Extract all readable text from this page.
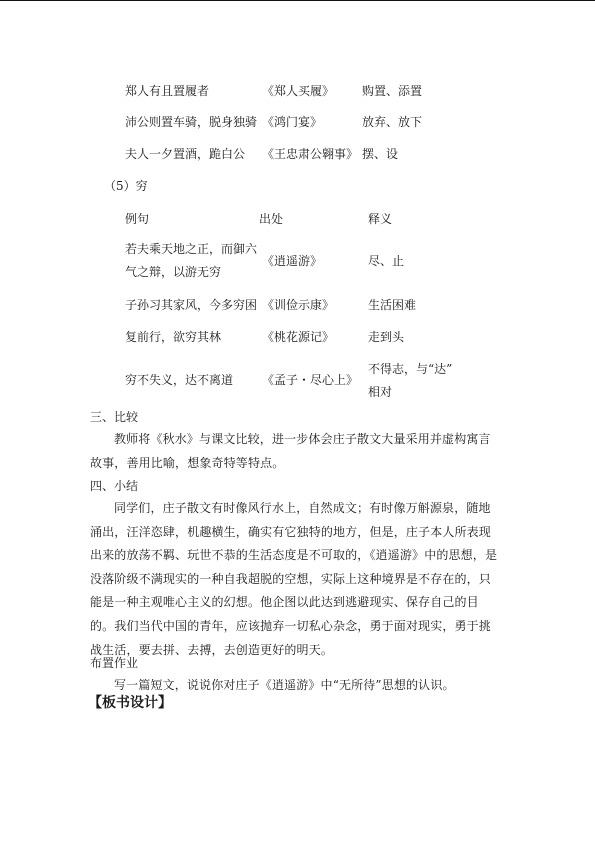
郑人有且置履者	《郑人买履》 购置、添置
沛公则置车骑，脱身独骑 《鸿门宴》	放弃、放下
夫人一夕置酒，跪白公 《王忠肃公翱事》 摆、设
（5）穷
例句	出处	释义
若夫乘天地之正，而御六
气之辩，以游无穷
《逍遥游》	尽、止
子孙习其家风，今多穷困 《训俭示康》	生活困难
复前行，欲穷其林	《桃花源记》	走到头
穷不失义，达不离道 《孟子・尽心上》
不得志，与“达”
相对
三、比较
教师将《秋水》与课文比较，进一步体会庄子散文大量采用并虚构寓言故事，善用比喻，想象奇特等特点。
四、小结
同学们，庄子散文有时像风行水上，自然成文；有时像万斛源泉，随地涌出，汪洋恣肆，机趣横生，确实有它独特的地方，但是，庄子本人所表现出来的放荡不羁、玩世不恭的生活态度是不可取的，《逍遥游》中的思想，是没落阶级不满现实的一种自我超脱的空想，实际上这种境界是不存在的，只能是一种主观唯心主义的幻想。他企图以此达到逃避现实、保存自己的目的。我们当代中国的青年，应该抛弃一切私心杂念，勇于面对现实，勇于挑战生活，要去拼、去搏，去创造更好的明天。
布置作业
写一篇短文，说说你对庄子《逍遥游》中“无所待”思想的认识。
【板书设计】
